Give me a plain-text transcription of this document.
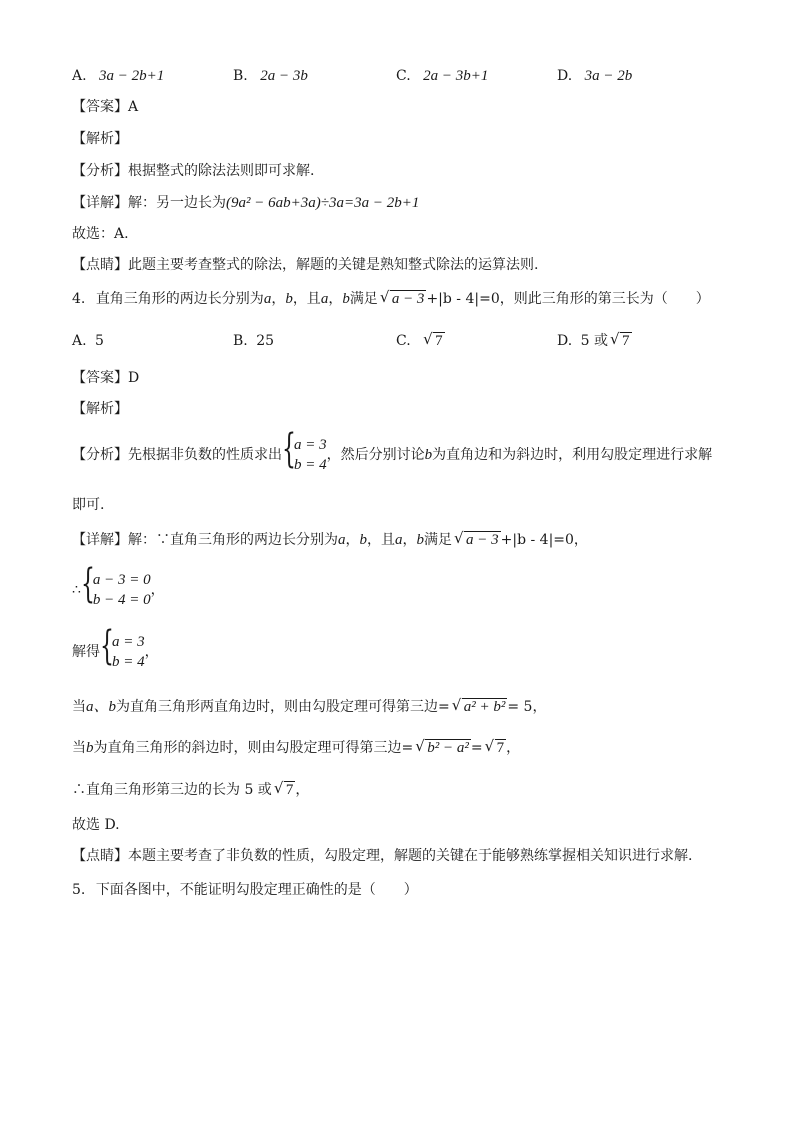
A. 3a − 2b+1	B. 2a − 3b	C. 2a − 3b+1	D. 3a − 2b
【答案】A
【解析】
【分析】根据整式的除法法则即可求解.
【详解】解：另一边长为(9a² − 6ab+3a)÷3a=3a − 2b+1
故选：A.
【点睛】此题主要考查整式的除法，解题的关键是熟知整式除法的运算法则.
4. 直角三角形的两边长分别为a，b，且a，b满足 √ a − 3 +|b - 4|=0，则此三角形的第三长为（　　）
A. 5	B. 25	C. √ 7	D. 5 或 √ 7
【答案】D
【解析】
【分析】先根据非负数的性质求出 {
a = 3
b = 4
，然后分别讨论b为直角边和为斜边时，利用勾股定理进行求解
即可.
【详解】解：∵直角三角形的两边长分别为a，b，且a，b满足 √ a − 3 +|b - 4|=0，
∴ {
a − 3 = 0
b − 4 = 0
，
解得 {
a = 3
b = 4
，
当a、b为直角三角形两直角边时，则由勾股定理可得第三边= √ a² + b² = 5，
当b为直角三角形的斜边时，则由勾股定理可得第三边= √ b² − a² = √ 7 ，
∴直角三角形第三边的长为 5 或 √ 7 ，
故选 D.
【点睛】本题主要考查了非负数的性质，勾股定理，解题的关键在于能够熟练掌握相关知识进行求解.
5. 下面各图中，不能证明勾股定理正确性的是（　　）
